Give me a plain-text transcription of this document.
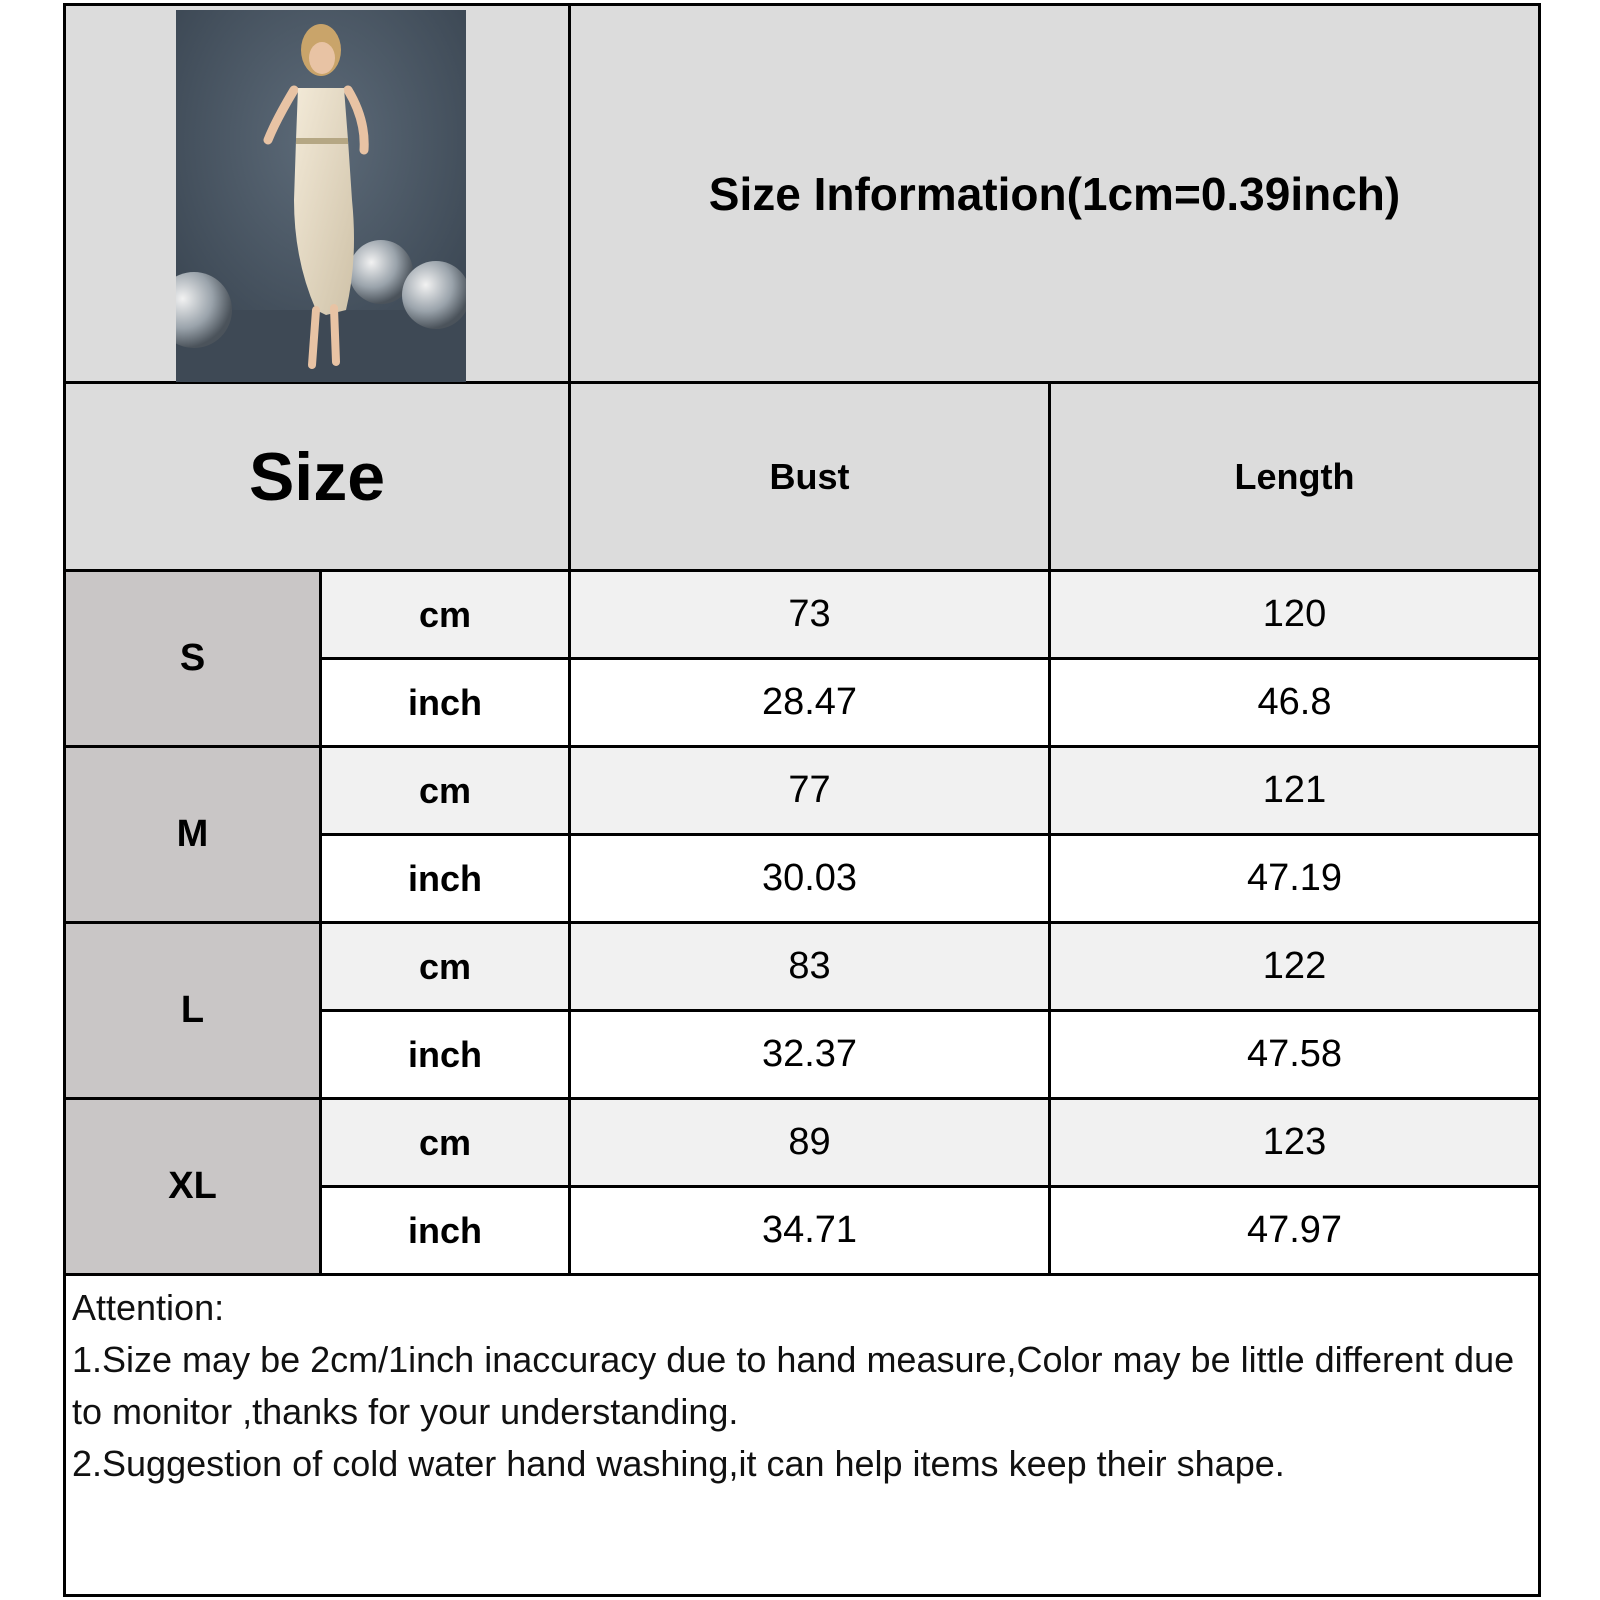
Size Information(1cm=0.39inch)
Size	Bust	Length
S
cm	73	120
inch	28.47	46.8
M
cm	77	121
inch	30.03	47.19
L
cm	83	122
inch	32.37	47.58
XL
cm	89	123
inch	34.71	47.97

Attention:

1.Size may be 2cm/1inch inaccuracy due to hand measure,Color may be little different due to monitor ,thanks for your understanding.

2.Suggestion of cold water hand washing,it can help items keep their shape.
